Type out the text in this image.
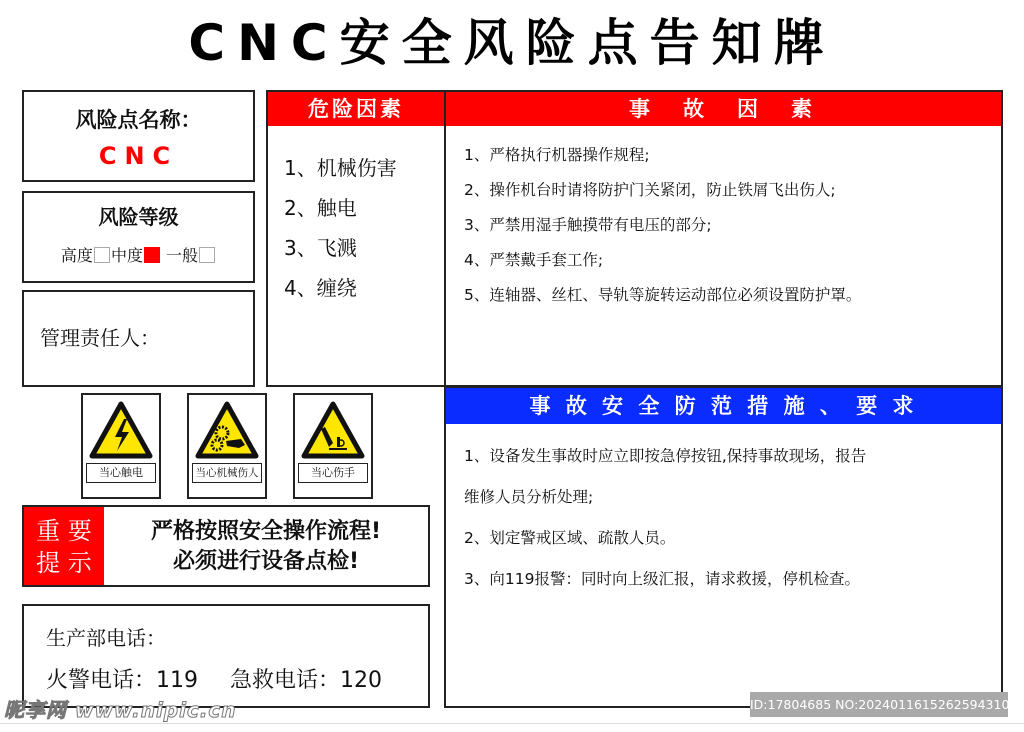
CNC安全风险点告知牌
风险点名称：
CNC
风险等级
高度 中度 一般
管理责任人：
危险因素
1、机械伤害
2、触电
3、飞溅
4、缠绕
事　故　因　素
1、严格执行机器操作规程;
2、操作机台时请将防护门关紧闭，防止铁屑飞出伤人;
3、严禁用湿手触摸带有电压的部分;
4、严禁戴手套工作;
5、连轴器、丝杠、导轨等旋转运动部位必须设置防护罩。
当心触电	当心机械伤人	当心伤手
重 要
提 示
严格按照安全操作流程!
必须进行设备点检!
生产部电话：
火警电话：119 急救电话：120
事 故 安 全 防 范 措 施 、 要 求
1、设备发生事故时应立即按急停按钮,保持事故现场，报告
维修人员分析处理;
2、划定警戒区域、疏散人员。
3、向119报警：同时向上级汇报，请求救援，停机检查。
昵享网 www.nipic.cn	ID:17804685 NO:20240116152625943108
